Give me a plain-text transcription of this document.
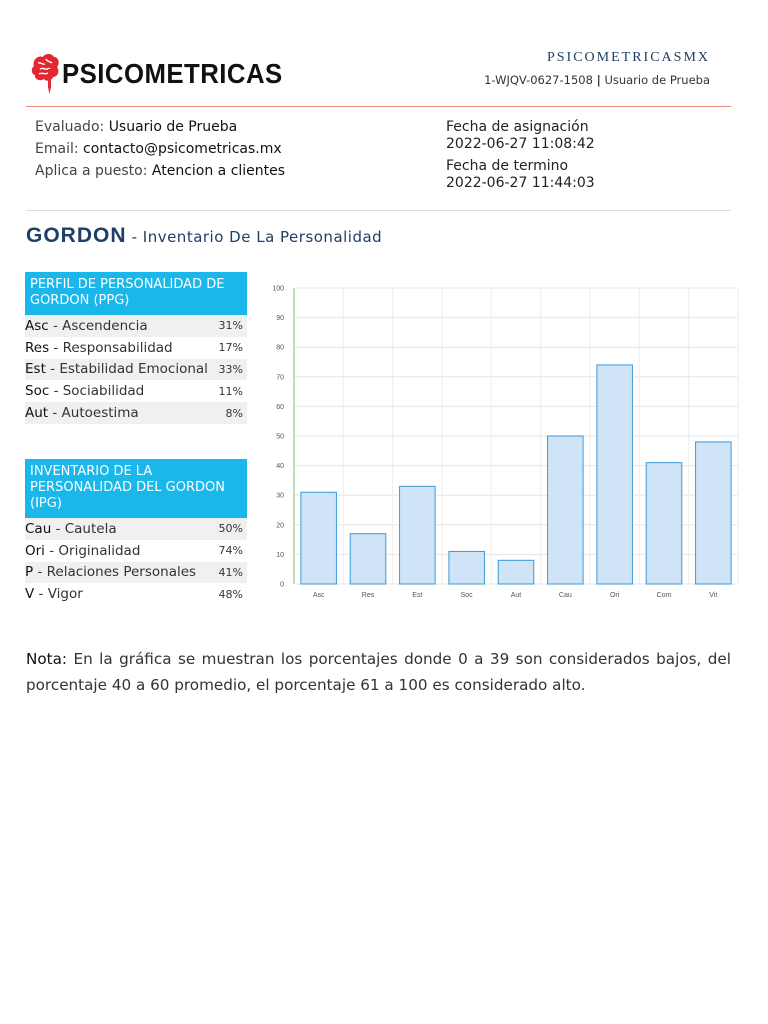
PSICOMETRICAS
PSICOMETRICASMX
1-WJQV-0627-1508 | Usuario de Prueba
Evaluado: Usuario de Prueba
Email: contacto@psicometricas.mx
Aplica a puesto: Atencion a clientes
Fecha de asignación
2022-06-27 11:08:42
Fecha de termino
2022-06-27 11:44:03
GORDON - Inventario De La Personalidad
PERFIL DE PERSONALIDAD DE GORDON (PPG)
Asc - Ascendencia	31%
Res - Responsabilidad	17%
Est - Estabilidad Emocional 33%
Soc - Sociabilidad	11%
Aut - Autoestima	8%
INVENTARIO DE LA PERSONALIDAD DEL GORDON (IPG)
Cau - Cautela	50%
Ori - Originalidad	74%
P - Relaciones Personales 41%
V - Vigor	48%
0
10
20
30
40
50
60
70
80
90
100
Asc	Res	Est	Soc	Aut	Cau	Ori	Com	Vit
Nota: En la gráfica se muestran los porcentajes donde 0 a 39 son considerados bajos, del porcentaje 40 a 60 promedio, el porcentaje 61 a 100 es considerado alto.
